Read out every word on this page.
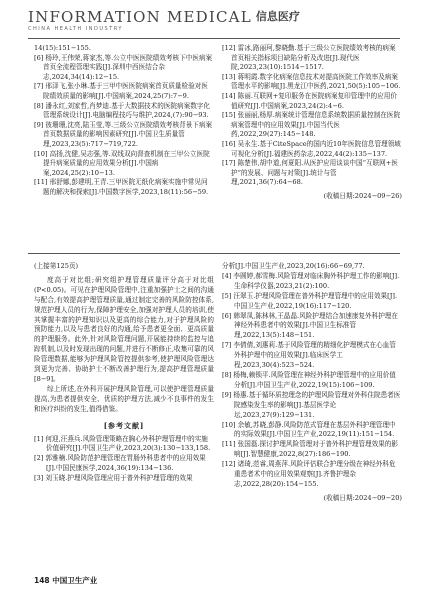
INFORMATION MEDICAL 信息医疗
CHINA HEALTH INDUSTRY

14(15):151−155.

[6] 杨玲,王伟荣,蒋家杰,等.公立中医医院绩效考核下中医病案首页全流程管理实践[J].深圳中西医结合杂志,2024,34(14):12−15.

[7] 邢泽飞,张小琳.基于三甲中医医院病案首页质量检验对医院绩效质量的影响[J].中国病案,2024,25(7):7−9.

[8] 潘永红,刘家哲,肖梦迪.基于大数据技术的医院病案数字化管理系统设计[J].电脑编程技巧与维护,2024,(7):90−93.

[9] 彼珊珊,沈亮,陆玉莹,等.三级公立医院绩效考核背景下病案首页数据质量的影响因素研究[J].中国卫生质量管理,2023,23(5):717−719,722.

[10] 高扬,沈健,吴志强,等.双线双向督查机制在三甲公立医院提升病案质量的应用效果分析[J].中国病案,2024,25(2):10−13.

[11] 邢舒娜,彭建明,王青.三甲医院无纸化病案实施中常见问题的解决和探索[J].中国数字医学,2023,18(11):56−59.

[12] 雷冰,路丽珂,黎晓勤.基于三级公立医院绩效考核的病案首页相关指标项目缺陷分析及改进[J].现代医院,2023,23(10):1514−1517.

[13] 蒋明霞.数字化病案信息技术对提高医院工作效率及病案管理水平的影响[J].黑龙江中医药,2021,50(5):105−106.

[14] 陈丽.互联网+复印服务在医院病案复印管理中的应用价值研究[J].中国病案,2023,24(2):4−6.

[15] 张丽丽,杨厚.病案统计管理信息系统数据质量控制在医院病案管理中的应用效果[J].中国当代医药,2022,29(27):145−148.

[16] 吴永生.基于CiteSpace的国内近10年医院信息管理领域可视化分析[J].福建医药杂志,2022,44(2):135−137.

[17] 陈楚伟,胡中道,何夏阳.从医护应用谈谈中国“互联网+医护”的发展、问题与对策[J].统计与管理,2021,36(7):64−68.

(收稿日期:2024−09−26)

(上接第125页)

度高于对比组;研究组护理管理质量评分高于对比组(P<0.05)。可见在护理风险管理中,注重加强护士之间的沟通与配合,有效提高护理管理质量,通过制定完善的风险防控体系,规范护理人员的行为,保障护理安全,加强对护理人员的培训,使其掌握丰富的护理知识以及更高的综合能力,对于护理风险的预防能力,以及与患者良好的沟通,给予患者更全面、更高质量的护理服务。此外,针对风险管理问题,开展能持续的监控与追踪机制,以及时发现出现的问题,并进行不断修正,收集可靠的风险管理数据,能够为护理风险管控提供参考,使护理风险管理达到更为完善、协助护士不断改善护理行为,提高护理管理质量[8−9]。

综上所述,在外科开展护理风险管理,可以使护理管理质量提高,为患者提供安全、优质的护理方法,减少不良事件的发生和医疗纠纷的发生,值得借鉴。

[参考文献]

[1] 何迎,汪燕兵.风险管理策略在胸心外科护理管理中的实施价值研究[J].中国卫生产业,2023,20(3):130−133,158.

[2] 郭雅楠.风险防范护理管理在胃肠外科患者中的应用效果[J].中国民康医学,2024,36(19):134−136.

[3] 刘玉晓.护理风险管理应用于普外科护理管理的效果

分析[J].中国卫生产业,2023,20(16):66−69,77.

[4] 李圆婷,郝雪梅.风险管理对临床胸外科护理工作的影响[J].生命科学仪器,2023,21(2):100.

[5] 汪翠玉.护理风险管理在普外科护理管理中的应用效果[J].中国卫生产业,2022,19(16):117−120.

[6] 韩翠凤,陈林林,王晶晶.风险护理结合加速康复外科护理在神经外科患者中的效果[J].中国卫生标准管理,2022,13(5):148−151.

[7] 李倩倩,刘惠莉.基于风险管理的精细化护理模式在心血管外科护理中的应用效果[J].临床医学工程,2023,30(4):523−524.

[8] 杨梅,赖锁平.风险管理在神经外科护理管理中的应用价值分析[J].中国卫生产业,2022,19(15):106−109.

[9] 杨惠.基于循环质控理念的护理风险管理对外科住院患者医院感染发生率的影响[J].基层医学论坛,2023,27(9):129−131.

[10] 余敏,苏晓,彭静.风险防范式管理在基层外科护理管理中的实际效果[J].中国卫生产业,2022,19(11):151−154.

[11] 张国磊.探讨护理风险管理对于普外科护理管理效果的影响[J].智慧健康,2022,8(27):186−190.

[12] 诸琦,范睿,周燕萍.风险评估联合护理分级在神经外科危重患者术中的应用效果观察[J].齐鲁护理杂志,2022,28(20):154−155.

(收稿日期:2024−09−20)
148 中国卫生产业
